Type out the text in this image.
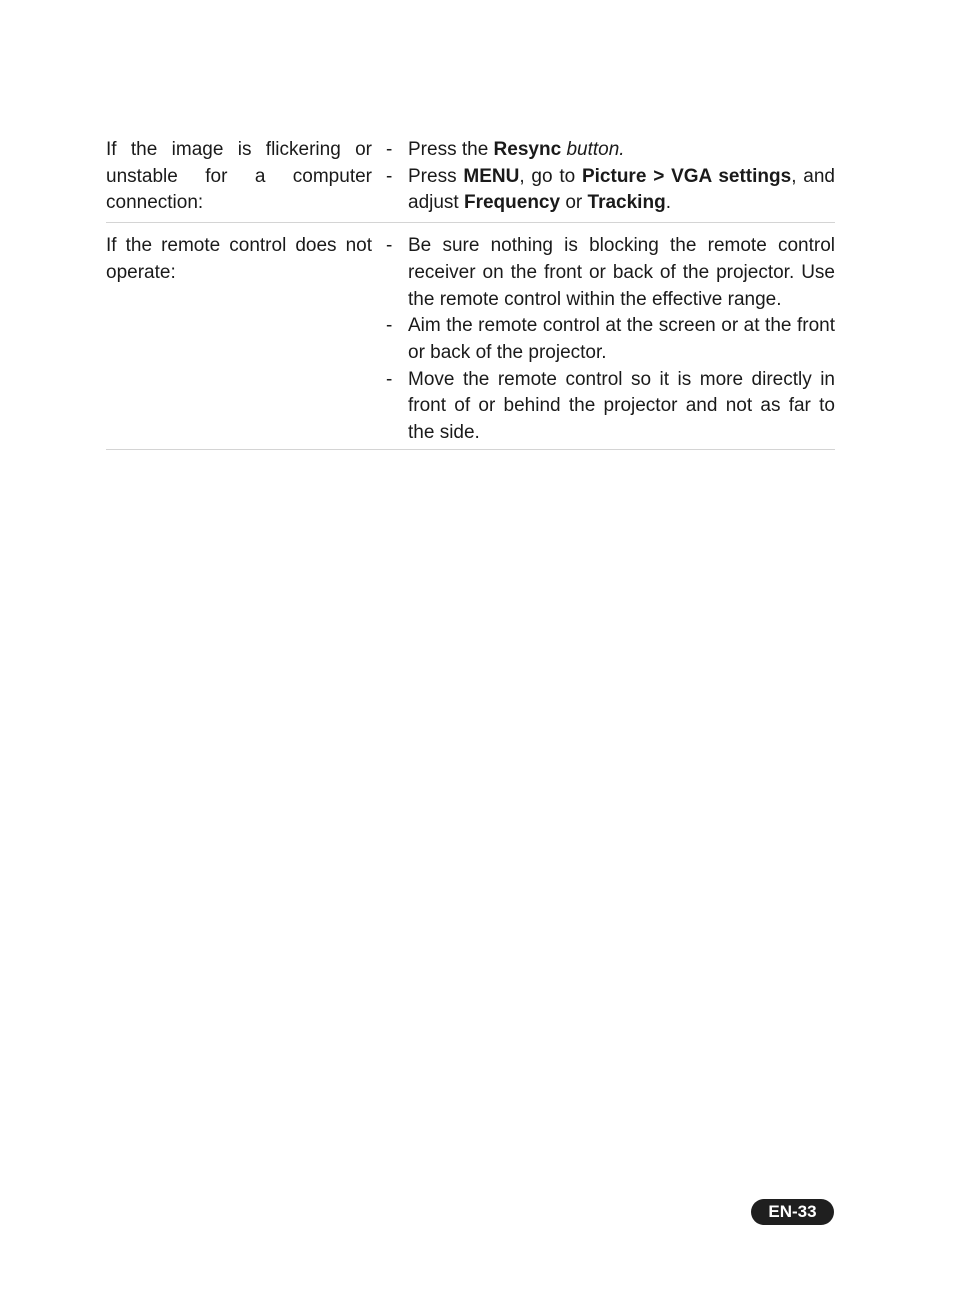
If the image is flickering or unstable for a computer connection:
- Press the Resync button.
- Press MENU, go to Picture > VGA settings, and adjust Frequency or Tracking.
If the remote control does not operate:
- Be sure nothing is blocking the remote control receiver on the front or back of the projector. Use the remote control within the effective range.
- Aim the remote control at the screen or at the front or back of the projector.
- Move the remote control so it is more directly in front of or behind the projector and not as far to the side.
EN-33
